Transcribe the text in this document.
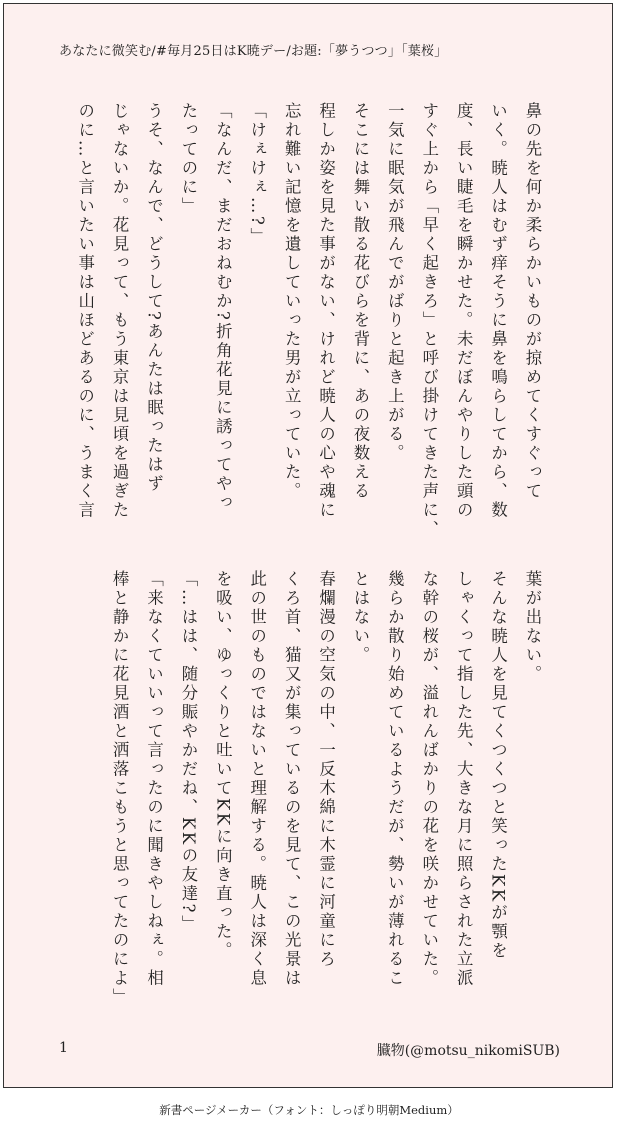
あなたに微笑む/#毎月25日はK暁デー/お題:「夢うつつ」「葉桜」

鼻の先を何か柔らかいものが掠めてくすぐって

いく。暁人はむず痒そうに鼻を鳴らしてから、数

度、長い睫毛を瞬かせた。未だぼんやりした頭の

すぐ上から「早く起きろ」と呼び掛けてきた声に、

一気に眠気が飛んでがばりと起き上がる。

そこには舞い散る花びらを背に、あの夜数える

程しか姿を見た事がない、けれど暁人の心や魂に

忘れ難い記憶を遺していった男が立っていた。

「けぇけぇ…?」

「なんだ、まだおねむか?折角花見に誘ってやっ

たってのに」

うそ、なんで、どうして?あんたは眠ったはず

じゃないか。花見って、もう東京は見頃を過ぎた

のに…と言いたい事は山ほどあるのに、うまく言

葉が出ない。

そんな暁人を見てくつくつと笑ったKKが顎を

しゃくって指した先、大きな月に照らされた立派

な幹の桜が、溢れんばかりの花を咲かせていた。

幾らか散り始めているようだが、勢いが薄れるこ

とはない。

春爛漫の空気の中、一反木綿に木霊に河童にろ

くろ首、猫又が集っているのを見て、この光景は

此の世のものではないと理解する。暁人は深く息

を吸い、ゆっくりと吐いてKKに向き直った。

「…はは、随分賑やかだね、KKの友達?」

「来なくていいって言ったのに聞きやしねぇ。相

棒と静かに花見酒と洒落こもうと思ってたのによ」

1	臓物(@motsu_nikomiSUB)
新書ページメーカー（フォント：しっぽり明朝Medium）
